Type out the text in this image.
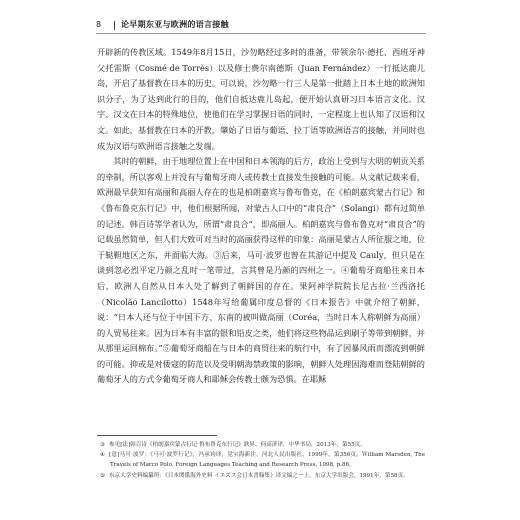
8 论早期东亚与欧洲的语言接触

开辟新的传教区域。1549年8月15日，沙勿略经过多时的准备，带领余尔·德托、西班牙神父托雷斯（Cosmé de Torrès）以及修士费尔南德斯（Juan Fernández）一行抵达鹿儿岛，开启了基督教在日本的历史。可以说，沙勿略一行三人是第一批踏上日本土地的欧洲知识分子，为了达到此行的目的，他们自抵达鹿儿岛起，便开始认真研习日本语言文化。汉字、汉文在日本的特殊地位，使他们在学习掌握日语的同时，一定程度上也认知了汉语和汉文。如此，基督教在日本的开教，肇始了日语与葡语、拉丁语等欧洲语言的接触，并同时也成为汉语与欧洲语言接触之发端。

其时的朝鲜，由于地理位置上在中国和日本领海的后方，政治上受到与大明的朝贡关系的牵制，所以客观上并没有与葡萄牙商人或传教士直接发生接触的可能。从文献记载来看，欧洲最早获知有高丽和高丽人存在的也是柏朗嘉宾与鲁布鲁克，在《柏朗嘉宾蒙古行记》和《鲁布鲁克东行记》中，他们根据所闻，对蒙古人口中的“肃良合”（Solangi）都有过简单的记述。韩百诗等学者认为，所谓“肃良合”，即高丽人。柏朗嘉宾与鲁布鲁克对“肃良合”的记载虽然简单，但人们大致可对当时的高丽获得这样的印象：高丽是蒙古人所征服之地，位于鞑靼地区之东，并面临大海。③后来，马可·波罗也曾在其游记中提及 Cauly，但只是在谈到忽必烈平定乃颜之乱时一笔带过，言其曾是乃颜的四州之一。④葡萄牙商船往来日本后，欧洲人自然从日本人处了解到了朝鲜国的存在。果阿神学院院长尼古拉·兰西洛托（Nicolão Lancilotto）1548年写给葡属印度总督的《日本报告》中就介绍了朝鲜，说：“日本人还与位于中国下方、东南的被叫做高丽（Coréa，当时日本人称朝鲜为高丽）的人贸易往来。因为日本有丰富的银和铅皮之类，他们将这些物品运到刷子等带到朝鲜，并从那里运回棉布。”⑤葡萄牙商船在与日本的商贸往来的航行中，有了因暴风雨而漂流到朝鲜的可能。抑或是对倭寇的防范以及受明朝海禁政策的影响，朝鲜人处理因海难而登陆朝鲜的葡萄牙人的方式令葡萄牙商人和耶稣会传教士颇为恐惧。在耶稣

③ 参见[法]韩百诗《柏朗嘉宾蒙古行记·鲁布鲁克东行记》耿昇、何高济译，中华书局，2013年，第55页。

④ [意]马可·波罗：《马可·波罗行记》，冯承钧译，党宝海新注，河北人民出版社，1999年，第356页。Ｗilliam Marsden, The Travels of Marco Polo, Foreign Languages Teaching and Research Press, 1998, p.86。

⑤ 东京大学史料编纂所：《日本関係海外史料 イエズス会日本書翰集》译文编之一上，东京大学出版会，1991年，第58页。
